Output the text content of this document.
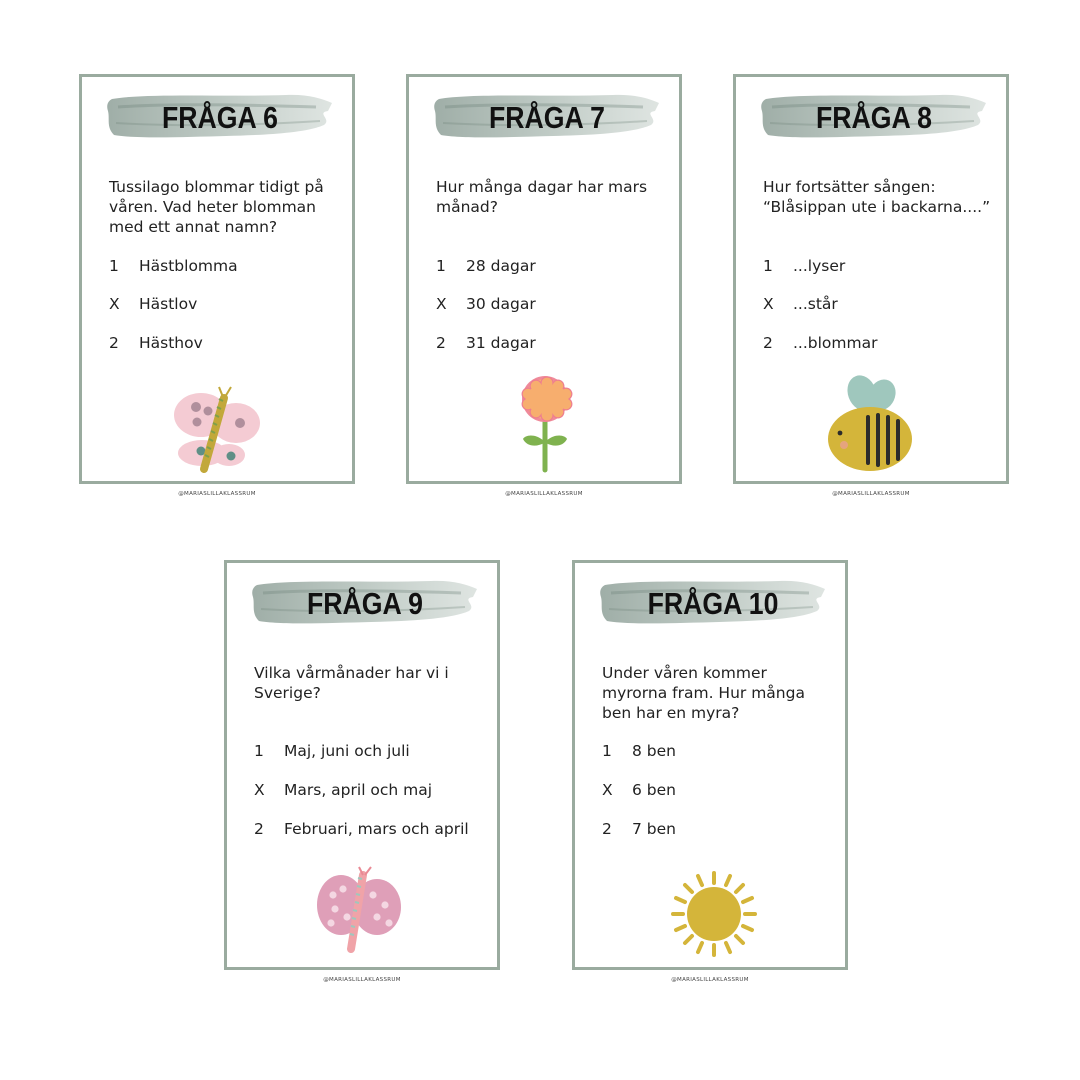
FRÅGA 6
Tussilago blommar tidigt på våren. Vad heter blomman med ett annat namn?
1 Hästblomma
X Hästlov
2 Hästhov
@MARIASLILLAKLASSRUM
FRÅGA 7
Hur många dagar har mars månad?
1 28 dagar
X 30 dagar
2 31 dagar
@MARIASLILLAKLASSRUM
FRÅGA 8
Hur fortsätter sången: “Blåsippan ute i backarna....”
1 ...lyser
X ...står
2 ...blommar
@MARIASLILLAKLASSRUM
FRÅGA 9
Vilka vårmånader har vi i Sverige?
1 Maj, juni och juli
X Mars, april och maj
2 Februari, mars och april
@MARIASLILLAKLASSRUM
FRÅGA 10
Under våren kommer myrorna fram. Hur många ben har en myra?
1 8 ben
X 6 ben
2 7 ben
@MARIASLILLAKLASSRUM
